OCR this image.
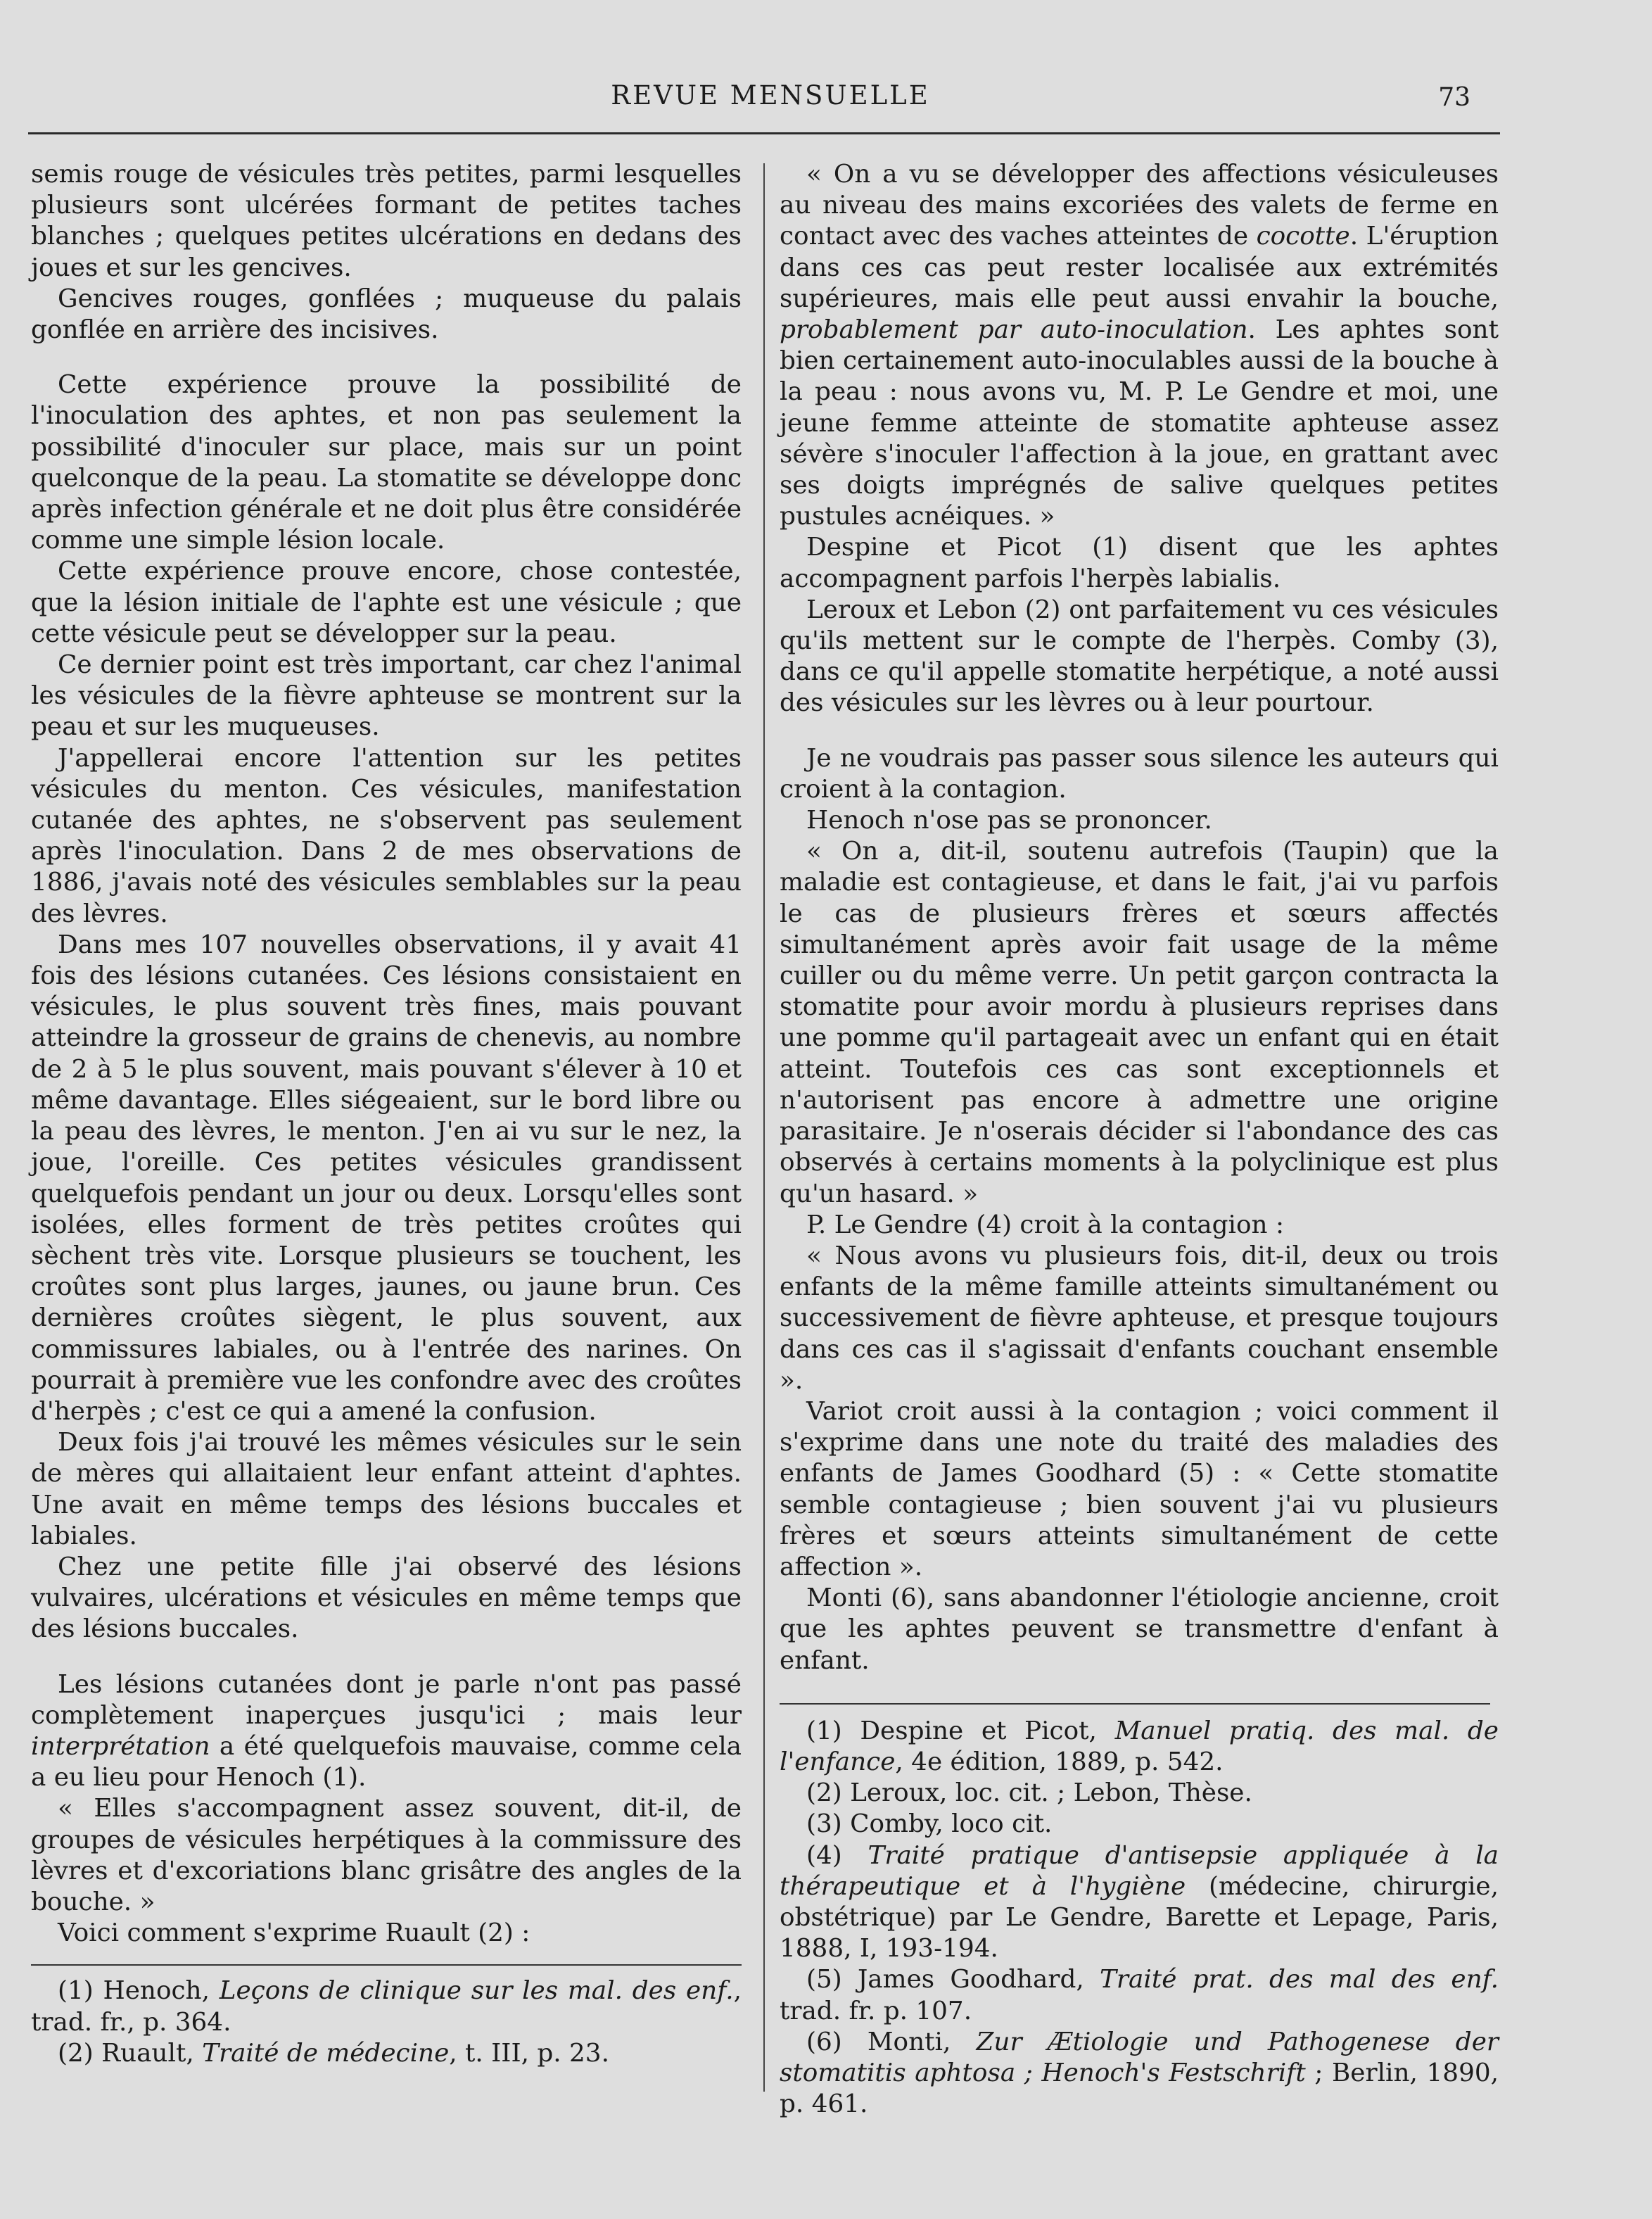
REVUE MENSUELLE	73

semis rouge de vésicules très petites, parmi lesquelles plusieurs sont ulcérées formant de petites taches blanches ; quelques petites ulcérations en dedans des joues et sur les gencives.

Gencives rouges, gonflées ; muqueuse du palais gonflée en arrière des incisives.

Cette expérience prouve la possibilité de l'inoculation des aphtes, et non pas seulement la possibilité d'inoculer sur place, mais sur un point quelconque de la peau. La stomatite se développe donc après infection générale et ne doit plus être considérée comme une simple lésion locale.

Cette expérience prouve encore, chose contestée, que la lésion initiale de l'aphte est une vésicule ; que cette vésicule peut se développer sur la peau.

Ce dernier point est très important, car chez l'animal les vésicules de la fièvre aphteuse se montrent sur la peau et sur les muqueuses.

J'appellerai encore l'attention sur les petites vésicules du menton. Ces vésicules, manifestation cutanée des aphtes, ne s'observent pas seulement après l'inoculation. Dans 2 de mes observations de 1886, j'avais noté des vésicules semblables sur la peau des lèvres.

Dans mes 107 nouvelles observations, il y avait 41 fois des lésions cutanées. Ces lésions consistaient en vésicules, le plus souvent très fines, mais pouvant atteindre la grosseur de grains de chenevis, au nombre de 2 à 5 le plus souvent, mais pouvant s'élever à 10 et même davantage. Elles siégeaient, sur le bord libre ou la peau des lèvres, le menton. J'en ai vu sur le nez, la joue, l'oreille. Ces petites vésicules grandissent quelquefois pendant un jour ou deux. Lorsqu'elles sont isolées, elles forment de très petites croûtes qui sèchent très vite. Lorsque plusieurs se touchent, les croûtes sont plus larges, jaunes, ou jaune brun. Ces dernières croûtes siègent, le plus souvent, aux commissures labiales, ou à l'entrée des narines. On pourrait à première vue les confondre avec des croûtes d'herpès ; c'est ce qui a amené la confusion.

Deux fois j'ai trouvé les mêmes vésicules sur le sein de mères qui allaitaient leur enfant atteint d'aphtes. Une avait en même temps des lésions buccales et labiales.

Chez une petite fille j'ai observé des lésions vulvaires, ulcérations et vésicules en même temps que des lésions buccales.

Les lésions cutanées dont je parle n'ont pas passé complètement inaperçues jusqu'ici ; mais leur interprétation a été quelquefois mauvaise, comme cela a eu lieu pour Henoch (1).

« Elles s'accompagnent assez souvent, dit-il, de groupes de vésicules herpétiques à la commissure des lèvres et d'excoriations blanc grisâtre des angles de la bouche. »

Voici comment s'exprime Ruault (2) :

(1) Henoch, Leçons de clinique sur les mal. des enf., trad. fr., p. 364.

(2) Ruault, Traité de médecine, t. III, p. 23.

« On a vu se développer des affections vésiculeuses au niveau des mains excoriées des valets de ferme en contact avec des vaches atteintes de cocotte. L'éruption dans ces cas peut rester localisée aux extrémités supérieures, mais elle peut aussi envahir la bouche, probablement par auto-inoculation. Les aphtes sont bien certainement auto-inoculables aussi de la bouche à la peau : nous avons vu, M. P. Le Gendre et moi, une jeune femme atteinte de stomatite aphteuse assez sévère s'inoculer l'affection à la joue, en grattant avec ses doigts imprégnés de salive quelques petites pustules acnéiques. »

Despine et Picot (1) disent que les aphtes accompagnent parfois l'herpès labialis.

Leroux et Lebon (2) ont parfaitement vu ces vésicules qu'ils mettent sur le compte de l'herpès. Comby (3), dans ce qu'il appelle stomatite herpétique, a noté aussi des vésicules sur les lèvres ou à leur pourtour.

Je ne voudrais pas passer sous silence les auteurs qui croient à la contagion.

Henoch n'ose pas se prononcer.

« On a, dit-il, soutenu autrefois (Taupin) que la maladie est contagieuse, et dans le fait, j'ai vu parfois le cas de plusieurs frères et sœurs affectés simultanément après avoir fait usage de la même cuiller ou du même verre. Un petit garçon contracta la stomatite pour avoir mordu à plusieurs reprises dans une pomme qu'il partageait avec un enfant qui en était atteint. Toutefois ces cas sont exceptionnels et n'autorisent pas encore à admettre une origine parasitaire. Je n'oserais décider si l'abondance des cas observés à certains moments à la polyclinique est plus qu'un hasard. »

P. Le Gendre (4) croit à la contagion :

« Nous avons vu plusieurs fois, dit-il, deux ou trois enfants de la même famille atteints simultanément ou successivement de fièvre aphteuse, et presque toujours dans ces cas il s'agissait d'enfants couchant ensemble ».

Variot croit aussi à la contagion ; voici comment il s'exprime dans une note du traité des maladies des enfants de James Goodhard (5) : « Cette stomatite semble contagieuse ; bien souvent j'ai vu plusieurs frères et sœurs atteints simultanément de cette affection ».

Monti (6), sans abandonner l'étiologie ancienne, croit que les aphtes peuvent se transmettre d'enfant à enfant.

(1) Despine et Picot, Manuel pratiq. des mal. de l'enfance, 4e édition, 1889, p. 542.

(2) Leroux, loc. cit. ; Lebon, Thèse.

(3) Comby, loco cit.

(4) Traité pratique d'antisepsie appliquée à la thérapeutique et à l'hygiène (médecine, chirurgie, obstétrique) par Le Gendre, Barette et Lepage, Paris, 1888, I, 193-194.

(5) James Goodhard, Traité prat. des mal des enf. trad. fr. p. 107.

(6) Monti, Zur Ætiologie und Pathogenese der stomatitis aphtosa ; Henoch's Festschrift ; Berlin, 1890, p. 461.
